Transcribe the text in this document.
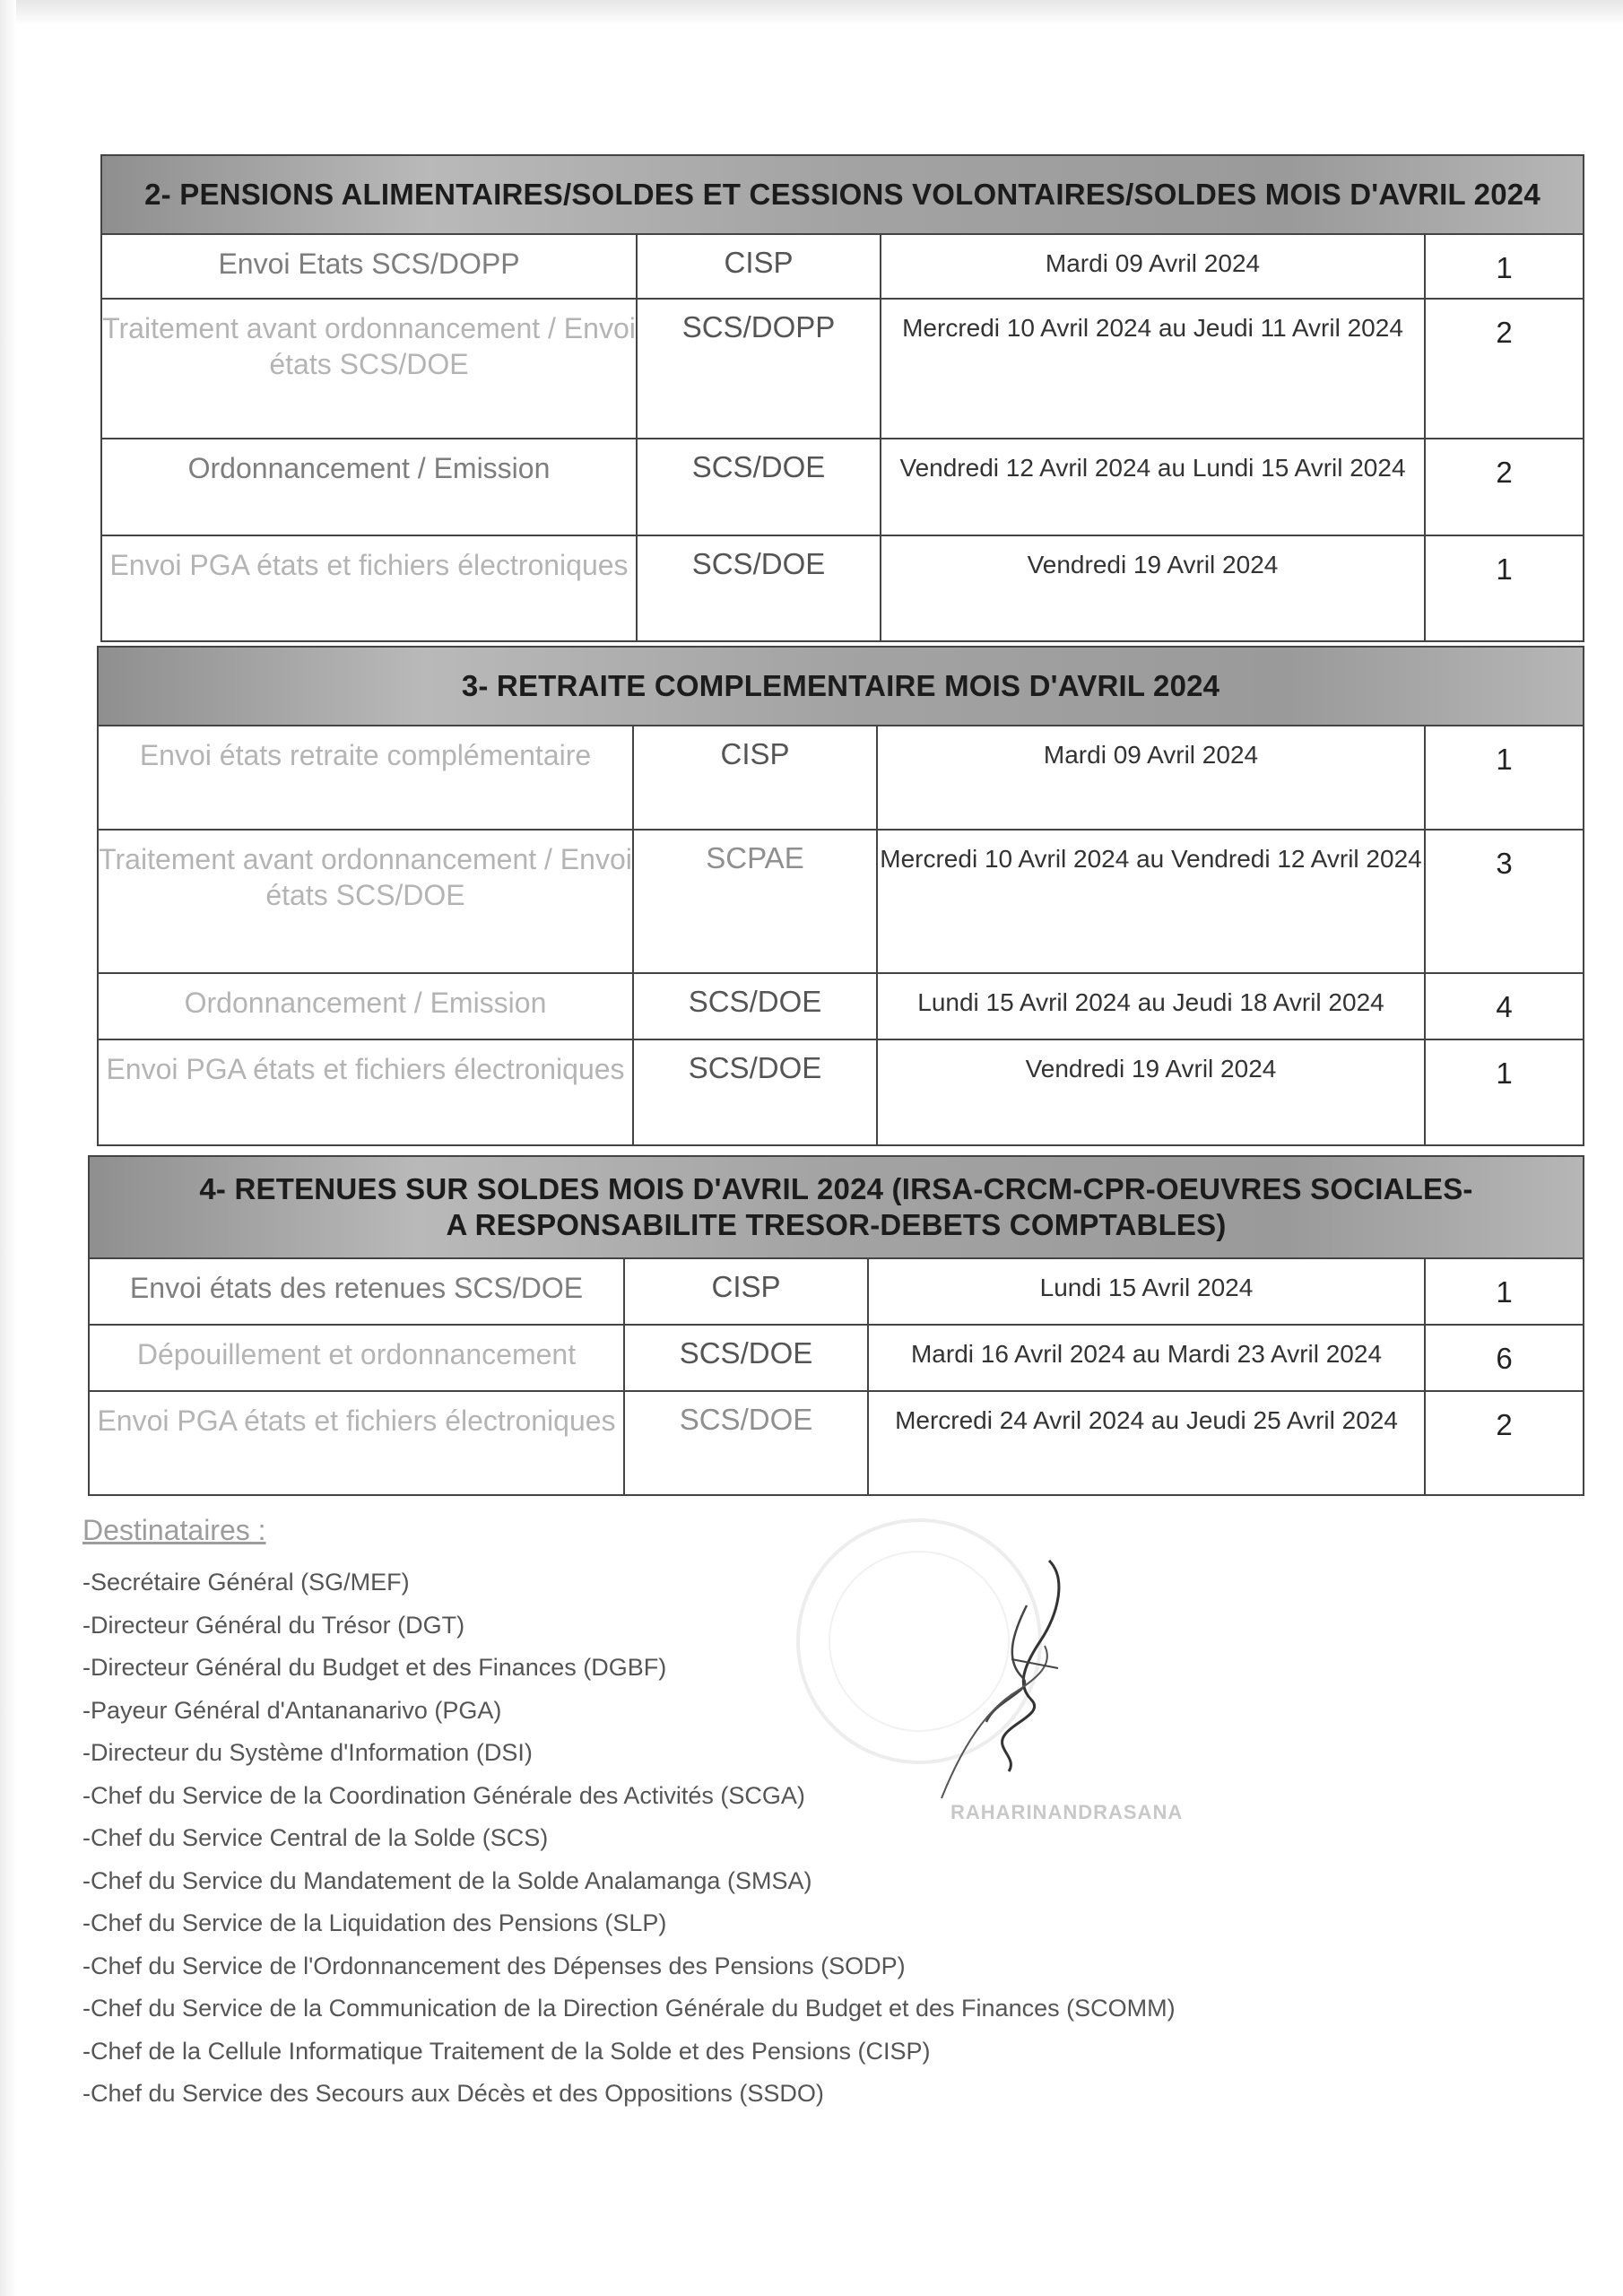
2- PENSIONS ALIMENTAIRES/SOLDES ET CESSIONS VOLONTAIRES/SOLDES MOIS D'AVRIL 2024			
Envoi Etats SCS/DOPP	CISP	Mardi 09 Avril 2024	1
Traitement avant ordonnancement / Envoi états SCS/DOE	SCS/DOPP	Mercredi 10 Avril 2024 au Jeudi 11 Avril 2024	2
Ordonnancement / Emission	SCS/DOE	Vendredi 12 Avril 2024 au Lundi 15 Avril 2024	2
Envoi PGA états et fichiers électroniques	SCS/DOE	Vendredi 19 Avril 2024	1
3- RETRAITE COMPLEMENTAIRE MOIS D'AVRIL 2024			
Envoi états retraite complémentaire	CISP	Mardi 09 Avril 2024	1
Traitement avant ordonnancement / Envoi états SCS/DOE	SCPAE	Mercredi 10 Avril 2024 au Vendredi 12 Avril 2024	3
Ordonnancement / Emission	SCS/DOE	Lundi 15 Avril 2024 au Jeudi 18 Avril 2024	4
Envoi PGA états et fichiers électroniques	SCS/DOE	Vendredi 19 Avril 2024	1
4- RETENUES SUR SOLDES MOIS D'AVRIL 2024 (IRSA-CRCM-CPR-OEUVRES SOCIALES-
A RESPONSABILITE TRESOR-DEBETS COMPTABLES)			

Envoi états des retenues SCS/DOE	CISP	Lundi 15 Avril 2024	1
Dépouillement et ordonnancement	SCS/DOE	Mardi 16 Avril 2024 au Mardi 23 Avril 2024	6
Envoi PGA états et fichiers électroniques	SCS/DOE	Mercredi 24 Avril 2024 au Jeudi 25 Avril 2024	2
RAHARINANDRASANA
Destinataires :
-Secrétaire Général (SG/MEF)
-Directeur Général du Trésor (DGT)
-Directeur Général du Budget et des Finances (DGBF)
-Payeur Général d'Antananarivo (PGA)
-Directeur du Système d'Information (DSI)
-Chef du Service de la Coordination Générale des Activités (SCGA)
-Chef du Service Central de la Solde (SCS)
-Chef du Service du Mandatement de la Solde Analamanga (SMSA)
-Chef du Service de la Liquidation des Pensions (SLP)
-Chef du Service de l'Ordonnancement des Dépenses des Pensions (SODP)
-Chef du Service de la Communication de la Direction Générale du Budget et des Finances (SCOMM)
-Chef de la Cellule Informatique Traitement de la Solde et des Pensions (CISP)
-Chef du Service des Secours aux Décès et des Oppositions (SSDO)
